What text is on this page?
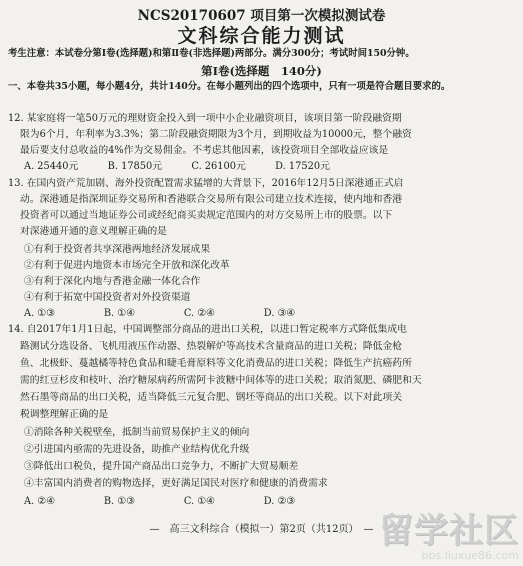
NCS20170607 项目第一次模拟测试卷
文科综合能力测试
考生注意：本试卷分第Ⅰ卷(选择题)和第Ⅱ卷(非选择题)两部分。满分300分；考试时间150分钟。
第Ⅰ卷(选择题　140分)
一、本卷共35小题，每小题4分，共计140分。在每小题列出的四个选项中，只有一项是符合题目要求的。
12. 某家庭将一笔50万元的理财资金投入到一项中小企业融资项目，该项目第一阶段融资期
限为6个月，年利率为3.3%；第二阶段融资期限为3个月，到期收益为10000元，整个融资
最后要支付总收益的4%作为交易佣金。不考虑其他因素，该投资项目全部收益应该是
A. 25440元　　　B. 17850元　　　C. 26100元　　　D. 17520元
13. 在国内资产荒加剧、海外投资配置需求猛增的大背景下，2016年12月5日深港通正式启
动。深港通是指深圳证券交易所和香港联合交易所有限公司建立技术连接，使内地和香港
投资者可以通过当地证券公司或经纪商买卖规定范围内的对方交易所上市的股票。以下
对深港通开通的意义理解正确的是
①有利于投资者共享深港两地经济发展成果
②有利于促进内地资本市场完全开放和深化改革
③有利于深化内地与香港金融一体化合作
④有利于拓宽中国投资者对外投资渠道
A. ①③　　　　　B. ①④　　　　　C. ②④　　　　　D. ③④
14. 自2017年1月1日起，中国调整部分商品的进出口关税，以进口暂定税率方式降低集成电
路测试分选设备、飞机用液压作动器、热裂解炉等高技术含量商品的进口关税；降低金枪
鱼、北极虾、蔓越橘等特色食品和睫毛膏原料等文化消费品的进口关税；降低生产抗癌药所
需的红豆杉皮和枝叶、治疗糖尿病药所需阿卡波糖中间体等的进口关税；取消氮肥、磷肥和天
然石墨等商品的出口关税，适当降低三元复合肥、钢坯等商品的出口关税。以下对此项关
税调整理解正确的是
①消除各种关税壁垒，抵制当前贸易保护主义的倾向
②引进国内亟需的先进设备，助推产业结构优化升级
③降低出口税负，提升国产商品出口竞争力，不断扩大贸易顺差
④丰富国内消费者的购物选择，更好满足国民对医疗和健康的消费需求
A. ②④　　　　　B. ①③　　　　　C. ①④　　　　　D. ②③
—　高三文科综合（模拟一）第2页（共12页）　— 留学社区
bbs.liuxue86.com
